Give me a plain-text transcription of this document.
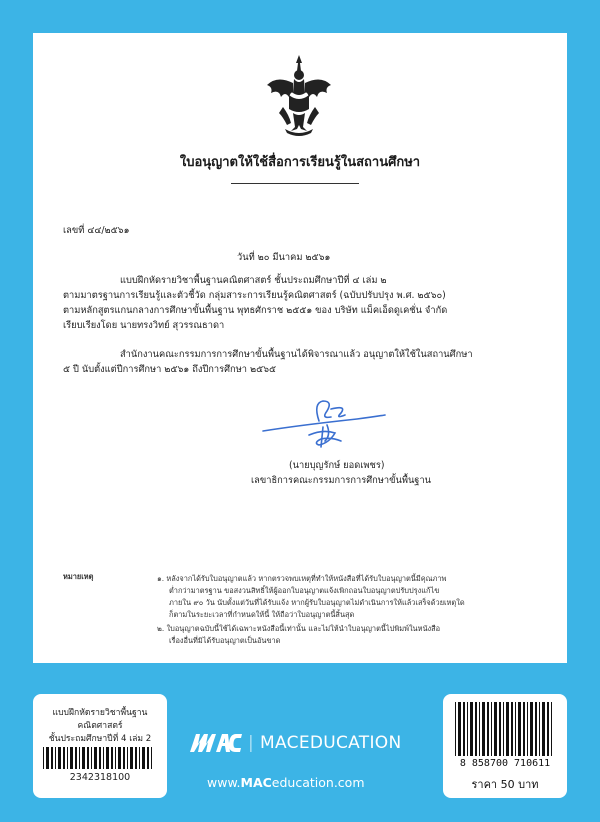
ใบอนุญาตให้ใช้สื่อการเรียนรู้ในสถานศึกษา
เลขที่ ๔๔/๒๕๖๑
วันที่ ๒๐ มีนาคม ๒๕๖๑
แบบฝึกหัดรายวิชาพื้นฐานคณิตศาสตร์ ชั้นประถมศึกษาปีที่ ๔ เล่ม ๒
ตามมาตรฐานการเรียนรู้และตัวชี้วัด กลุ่มสาระการเรียนรู้คณิตศาสตร์ (ฉบับปรับปรุง พ.ศ. ๒๕๖๐)
ตามหลักสูตรแกนกลางการศึกษาขั้นพื้นฐาน พุทธศักราช ๒๕๕๑ ของ บริษัท แม็คเอ็ดดูเคชั่น จำกัด
เรียบเรียงโดย นายทรงวิทย์ สุวรรณธาดา
สำนักงานคณะกรรมการการศึกษาขั้นพื้นฐานได้พิจารณาแล้ว อนุญาตให้ใช้ในสถานศึกษา
๕ ปี นับตั้งแต่ปีการศึกษา ๒๕๖๑ ถึงปีการศึกษา ๒๕๖๕
(นายบุญรักษ์ ยอดเพชร)
เลขาธิการคณะกรรมการการศึกษาขั้นพื้นฐาน
หมายเหตุ	๑. หลังจากได้รับใบอนุญาตแล้ว หากตรวจพบเหตุที่ทำให้หนังสือที่ได้รับใบอนุญาตนี้มีคุณภาพ
ต่ำกว่ามาตรฐาน ขอสงวนสิทธิ์ให้ผู้ออกใบอนุญาตแจ้งเพิกถอนใบอนุญาตปรับปรุงแก้ไข
ภายใน ๙๐ วัน นับตั้งแต่วันที่ได้รับแจ้ง หากผู้รับใบอนุญาตไม่ดำเนินการให้แล้วเสร็จด้วยเหตุใด
ก็ตามในระยะเวลาที่กำหนดให้นี้ ให้ถือว่าใบอนุญาตนี้สิ้นสุด
๒. ใบอนุญาตฉบับนี้ใช้ได้เฉพาะหนังสือนี้เท่านั้น และไม่ให้นำใบอนุญาตนี้ไปพิมพ์ในหนังสือ
เรื่องอื่นที่มิได้รับอนุญาตเป็นอันขาด
แบบฝึกหัดรายวิชาพื้นฐาน
คณิตศาสตร์
ชั้นประถมศึกษาปีที่ 4 เล่ม 2
2342318100
| MAC EDUCATION
www.MACeducation.com
8 858700 710611
ราคา 50 บาท
